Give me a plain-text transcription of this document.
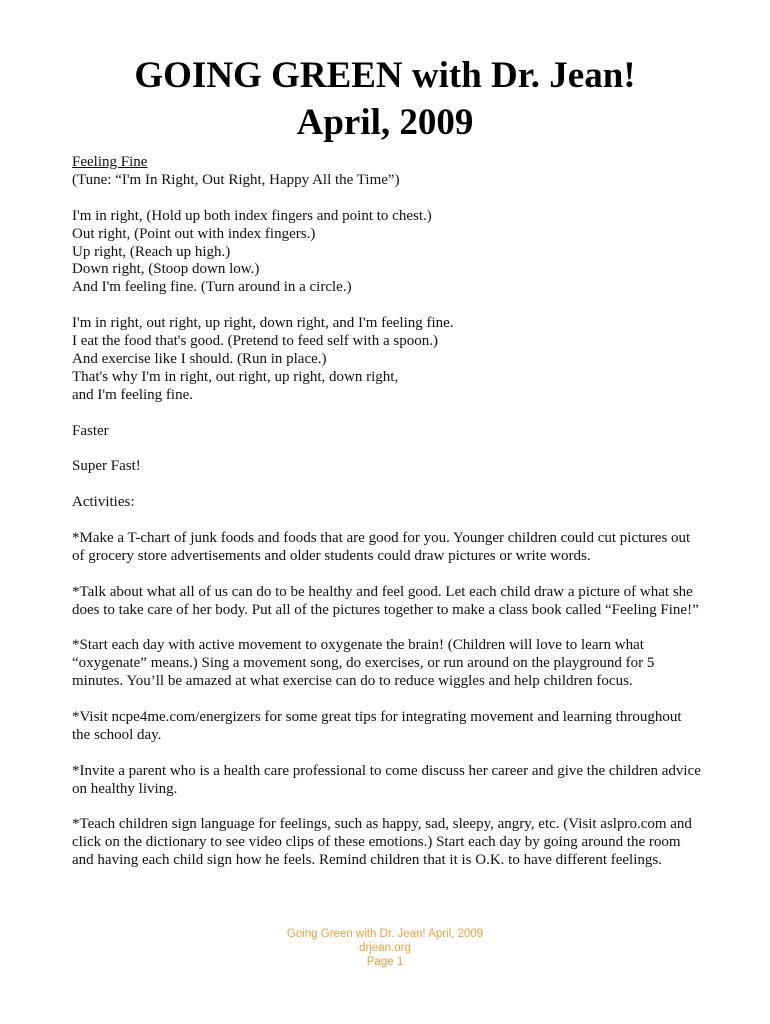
GOING GREEN with Dr. Jean!
April, 2009
Feeling Fine
(Tune: “I'm In Right, Out Right, Happy All the Time”)
I'm in right, (Hold up both index fingers and point to chest.)
Out right, (Point out with index fingers.)
Up right, (Reach up high.)
Down right, (Stoop down low.)
And I'm feeling fine. (Turn around in a circle.)
I'm in right, out right, up right, down right, and I'm feeling fine.
I eat the food that's good. (Pretend to feed self with a spoon.)
And exercise like I should. (Run in place.)
That's why I'm in right, out right, up right, down right,
and I'm feeling fine.
Faster
Super Fast!
Activities:
*Make a T-chart of junk foods and foods that are good for you. Younger children could cut pictures out of grocery store advertisements and older students could draw pictures or write words.
*Talk about what all of us can do to be healthy and feel good. Let each child draw a picture of what she does to take care of her body. Put all of the pictures together to make a class book called “Feeling Fine!”
*Start each day with active movement to oxygenate the brain! (Children will love to learn what “oxygenate” means.) Sing a movement song, do exercises, or run around on the playground for 5 minutes. You’ll be amazed at what exercise can do to reduce wiggles and help children focus.
*Visit ncpe4me.com/energizers for some great tips for integrating movement and learning throughout the school day.
*Invite a parent who is a health care professional to come discuss her career and give the children advice on healthy living.
*Teach children sign language for feelings, such as happy, sad, sleepy, angry, etc. (Visit aslpro.com and click on the dictionary to see video clips of these emotions.) Start each day by going around the room and having each child sign how he feels. Remind children that it is O.K. to have different feelings.
Going Green with Dr. Jean! April, 2009
drjean.org
Page 1
